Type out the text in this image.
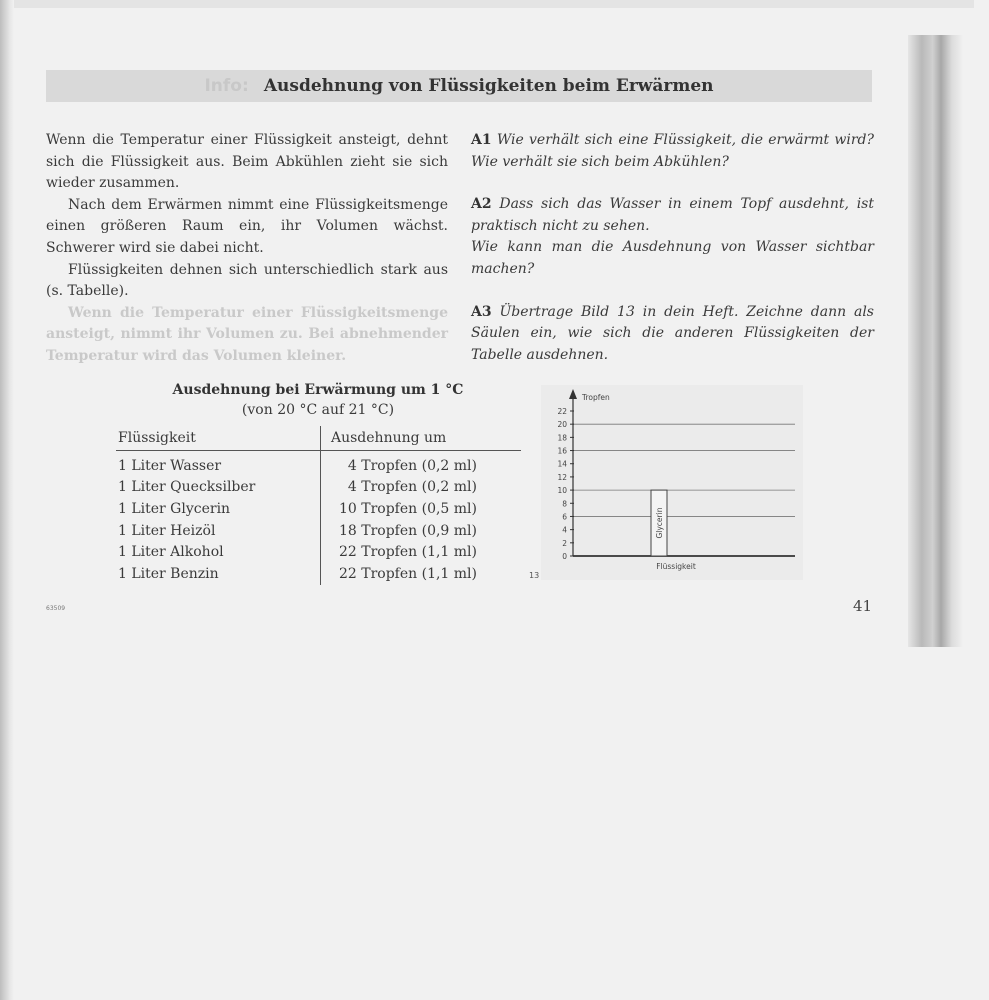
Info: Ausdehnung von Flüssigkeiten beim Erwärmen

Wenn die Temperatur einer Flüssigkeit ansteigt, dehnt sich die Flüssigkeit aus. Beim Abkühlen zieht sie sich wieder zusammen.

Nach dem Erwärmen nimmt eine Flüssigkeitsmenge einen größeren Raum ein, ihr Volumen wächst. Schwerer wird sie dabei nicht.

Flüssigkeiten dehnen sich unterschiedlich stark aus (s. Tabelle).

Wenn die Temperatur einer Flüssigkeitsmenge ansteigt, nimmt ihr Volumen zu. Bei abnehmender Temperatur wird das Volumen kleiner.

A1 Wie verhält sich eine Flüssigkeit, die erwärmt wird? Wie verhält sie sich beim Abkühlen?

A2 Dass sich das Wasser in einem Topf ausdehnt, ist praktisch nicht zu sehen.
Wie kann man die Ausdehnung von Wasser sichtbar machen?

A3 Übertrage Bild 13 in dein Heft. Zeichne dann als Säulen ein, wie sich die anderen Flüssigkeiten der Tabelle ausdehnen.

Ausdehnung bei Erwärmung um 1 °C
(von 20 °C auf 21 °C)
Flüssigkeit	Ausdehnung um
1 Liter Wasser	4 Tropfen (0,2 ml)
1 Liter Quecksilber	4 Tropfen (0,2 ml)
1 Liter Glycerin	10 Tropfen (0,5 ml)
1 Liter Heizöl	18 Tropfen (0,9 ml)
1 Liter Alkohol	22 Tropfen (1,1 ml)
1 Liter Benzin	22 Tropfen (1,1 ml)
0
2
4
6
8
10
12
14
16
18
20
22
Tropfen
Flüssigkeit
Glycerin
13
63509	41
